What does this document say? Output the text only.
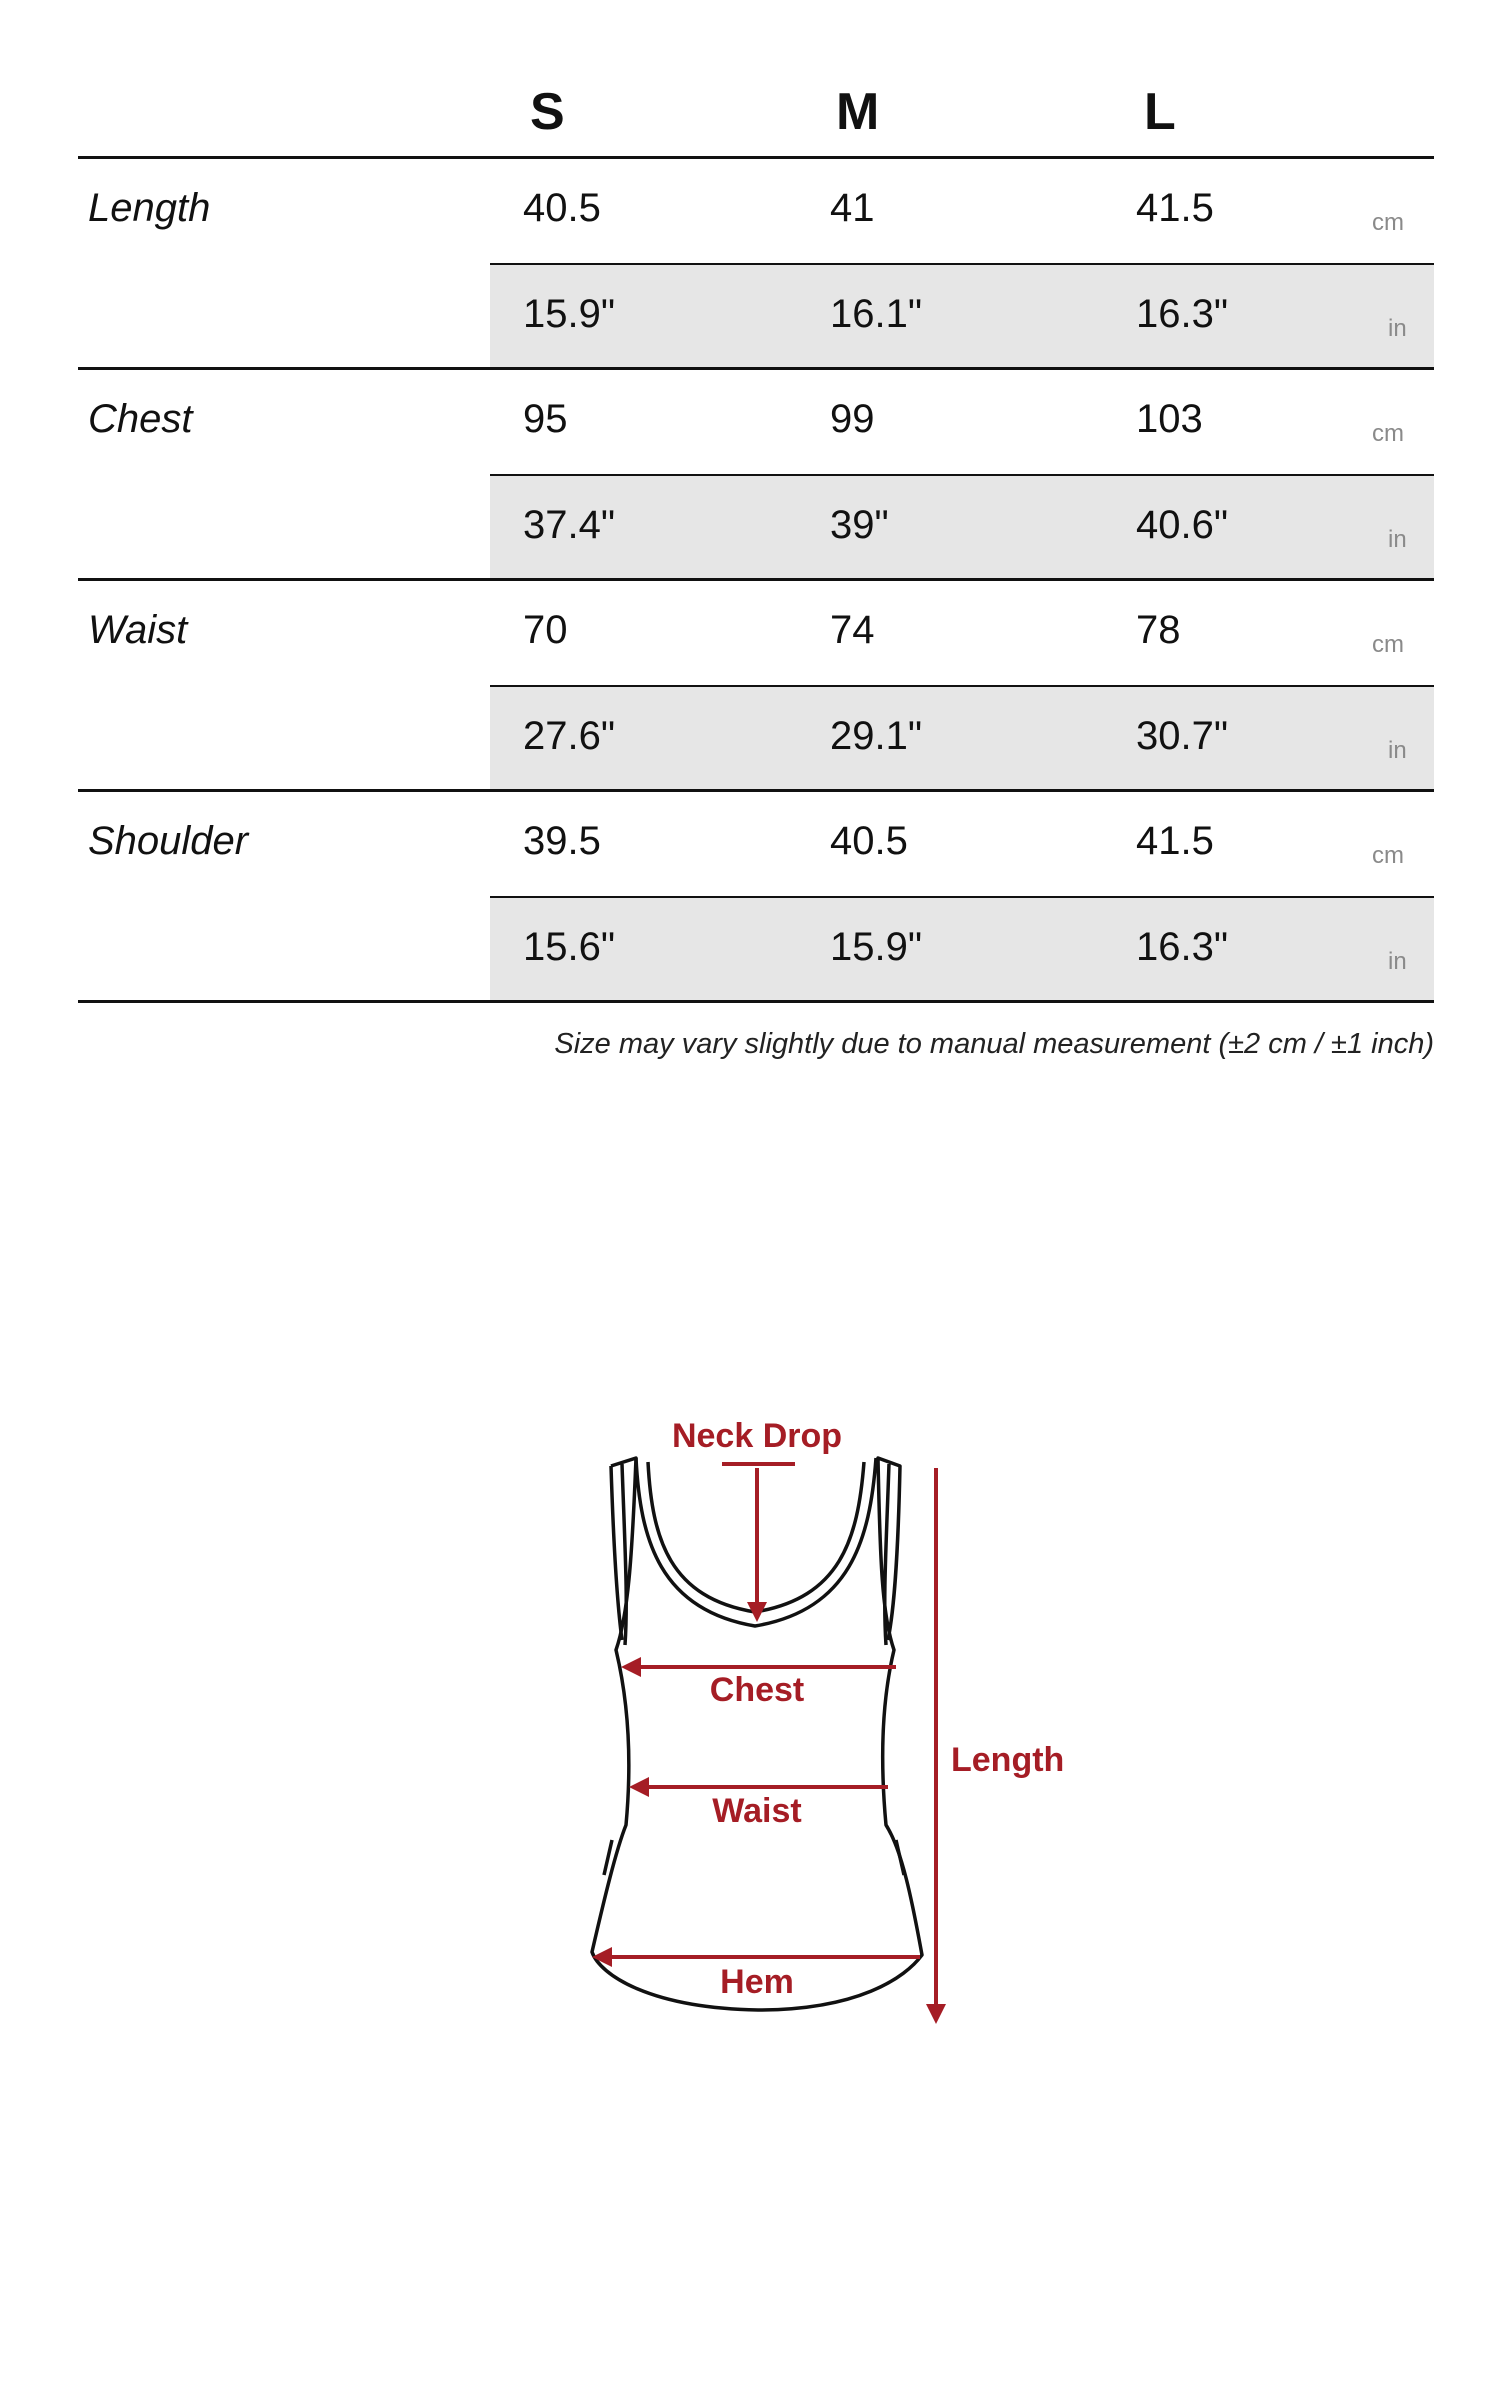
S	M	L
Length	40.5	41	41.5	cm
15.9"	16.1"	16.3"	in
Chest	95	99	103	cm
37.4"	39"	40.6"	in
Waist	70	74	78	cm
27.6"	29.1"	30.7"	in
Shoulder	39.5	40.5	41.5	cm
15.6"	15.9"	16.3"	in
Size may vary slightly due to manual measurement (±2 cm / ±1 inch)
Neck Drop
Chest
Waist
Hem
Length
